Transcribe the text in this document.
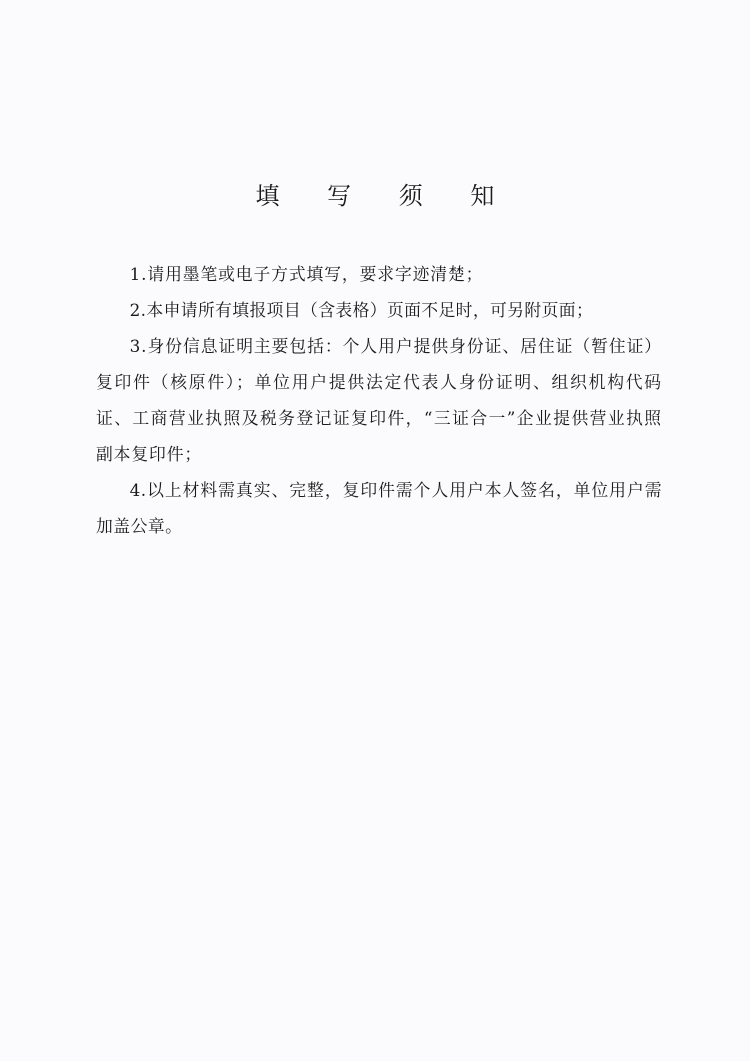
填 写 须 知

1.请用墨笔或电子方式填写，要求字迹清楚；

2.本申请所有填报项目（含表格）页面不足时，可另附页面；

3.身份信息证明主要包括：个人用户提供身份证、居住证（暂住证）复印件（核原件）；单位用户提供法定代表人身份证明、组织机构代码证、工商营业执照及税务登记证复印件，“三证合一”企业提供营业执照副本复印件；

4.以上材料需真实、完整，复印件需个人用户本人签名，单位用户需加盖公章。
